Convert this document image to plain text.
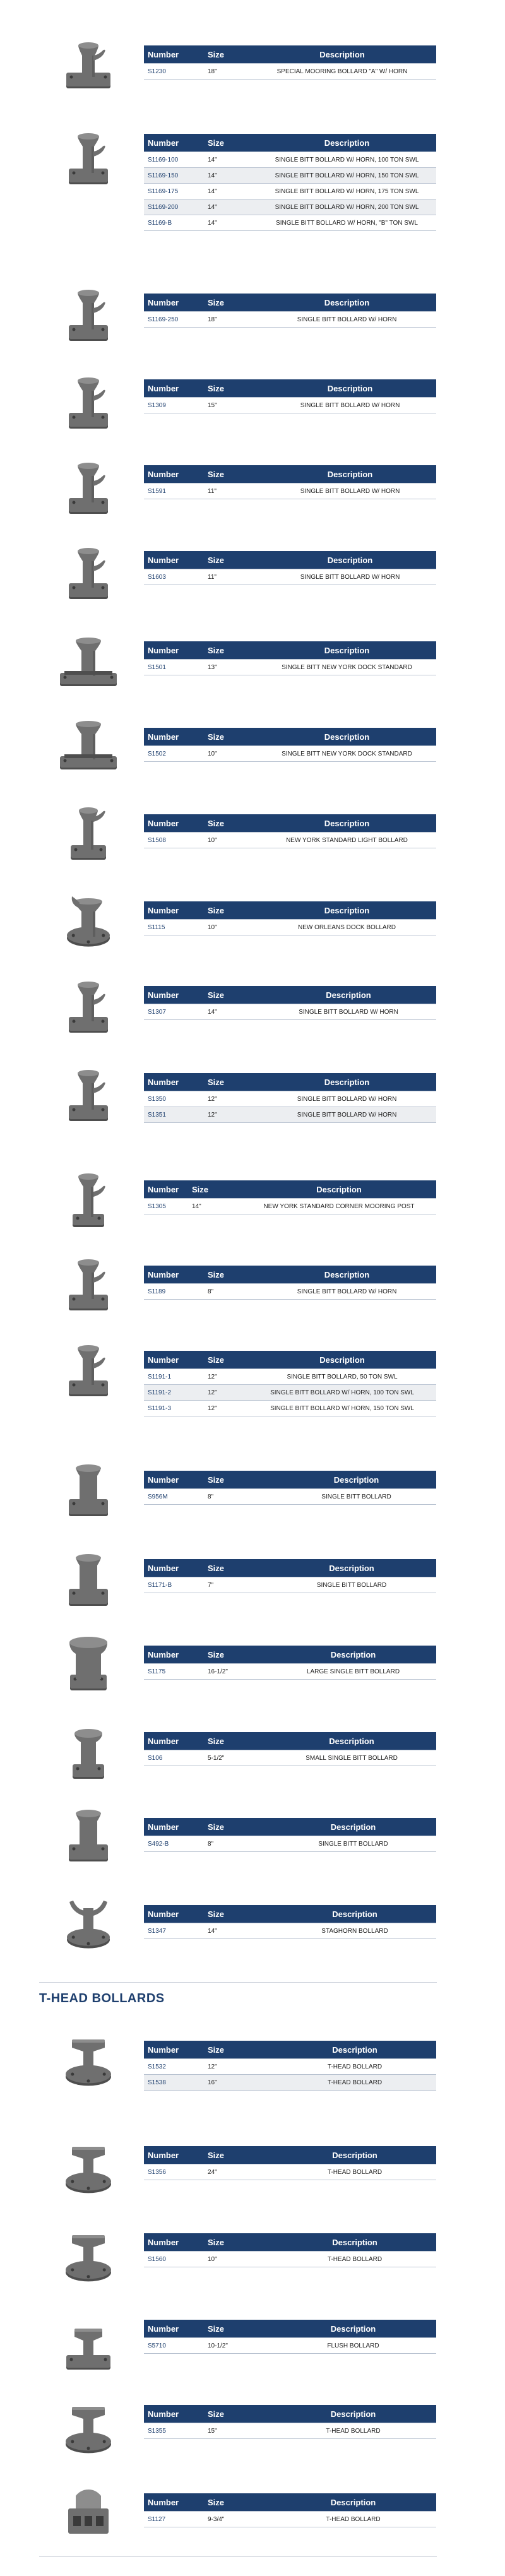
Number	Size	Description
S1230	18"	SPECIAL MOORING BOLLARD "A" W/ HORN
Number	Size	Description
S1169-100	14"	SINGLE BITT BOLLARD W/ HORN, 100 TON SWL
S1169-150	14"	SINGLE BITT BOLLARD W/ HORN, 150 TON SWL
S1169-175	14"	SINGLE BITT BOLLARD W/ HORN, 175 TON SWL
S1169-200	14"	SINGLE BITT BOLLARD W/ HORN, 200 TON SWL
S1169-B	14"	SINGLE BITT BOLLARD W/ HORN, "B" TON SWL
Number	Size	Description
S1169-250	18"	SINGLE BITT BOLLARD W/ HORN
Number	Size	Description
S1309	15"	SINGLE BITT BOLLARD W/ HORN
Number	Size	Description
S1591	11"	SINGLE BITT BOLLARD W/ HORN
Number	Size	Description
S1603	11"	SINGLE BITT BOLLARD W/ HORN
Number	Size	Description
S1501	13"	SINGLE BITT NEW YORK DOCK STANDARD
Number	Size	Description
S1502	10"	SINGLE BITT NEW YORK DOCK STANDARD
Number	Size	Description
S1508	10"	NEW YORK STANDARD LIGHT BOLLARD
Number	Size	Description
S1115	10"	NEW ORLEANS DOCK BOLLARD
Number	Size	Description
S1307	14"	SINGLE BITT BOLLARD W/ HORN
Number	Size	Description
S1350	12"	SINGLE BITT BOLLARD W/ HORN
S1351	12"	SINGLE BITT BOLLARD W/ HORN
Number	Size	Description
S1305	14"	NEW YORK STANDARD CORNER MOORING POST
Number	Size	Description
S1189	8"	SINGLE BITT BOLLARD W/ HORN
Number	Size	Description
S1191-1	12"	SINGLE BITT BOLLARD, 50 TON SWL
S1191-2	12"	SINGLE BITT BOLLARD W/ HORN, 100 TON SWL
S1191-3	12"	SINGLE BITT BOLLARD W/ HORN, 150 TON SWL
Number	Size	Description
S956M	8"	SINGLE BITT BOLLARD
Number	Size	Description
S1171-B	7"	SINGLE BITT BOLLARD
Number	Size	Description
S1175	16-1/2"	LARGE SINGLE BITT BOLLARD
Number	Size	Description
S106	5-1/2"	SMALL SINGLE BITT BOLLARD
Number	Size	Description
S492-B	8"	SINGLE BITT BOLLARD
Number	Size	Description
S1347	14"	STAGHORN BOLLARD
Number	Size	Description
S1532	12"	T-HEAD BOLLARD
S1538	16"	T-HEAD BOLLARD
Number	Size	Description
S1356	24"	T-HEAD BOLLARD
Number	Size	Description
S1560	10"	T-HEAD BOLLARD
Number	Size	Description
S5710	10-1/2"	FLUSH BOLLARD
Number	Size	Description
S1355	15"	T-HEAD BOLLARD
Number	Size	Description
S1127	9-3/4"	T-HEAD BOLLARD
T-HEAD BOLLARDS
